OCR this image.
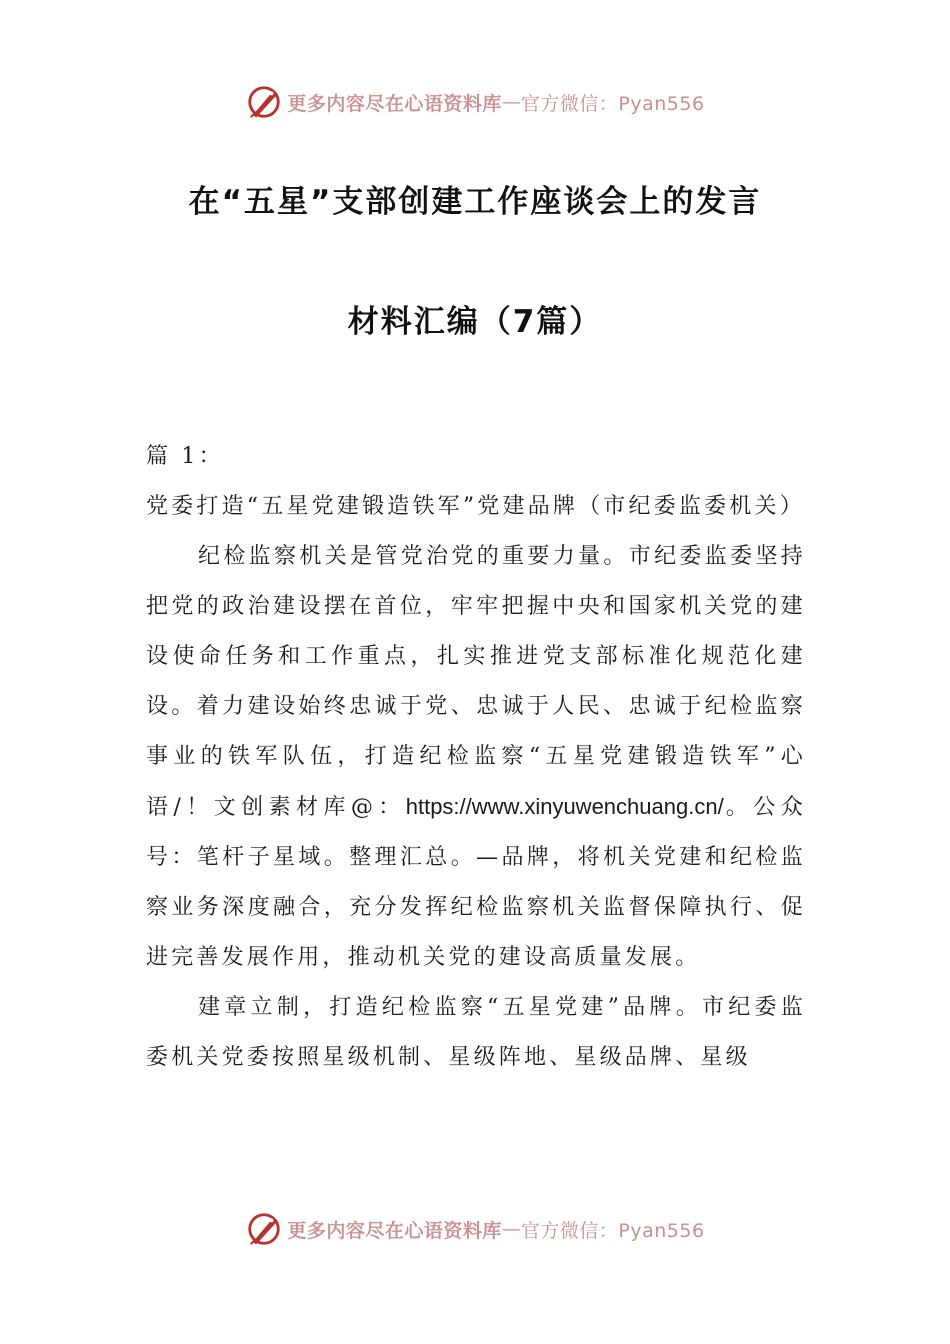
更多内容尽在心语资料库 — 官方微信：Pyan556
在“五星”支部创建工作座谈会上的发言
材料汇编（7篇）

篇 1：

党委打造“五星党建锻造铁军”党建品牌（市纪委监委机关）

纪检监察机关是管党治党的重要力量。市纪委监委坚持把党的政治建设摆在首位，牢牢把握中央和国家机关党的建设使命任务和工作重点，扎实推进党支部标准化规范化建设。着力建设始终忠诚于党、忠诚于人民、忠诚于纪检监察事业的铁军队伍，打造纪检监察“五星党建锻造铁军”心语/！文创素材库@：https://www.xinyuwenchuang.cn/。公众号：笔杆子星域。整理汇总。—品牌，将机关党建和纪检监察业务深度融合，充分发挥纪检监察机关监督保障执行、促进完善发展作用，推动机关党的建设高质量发展。

建章立制，打造纪检监察“五星党建”品牌。市纪委监委机关党委按照星级机制、星级阵地、星级品牌、星级

更多内容尽在心语资料库 — 官方微信：Pyan556
